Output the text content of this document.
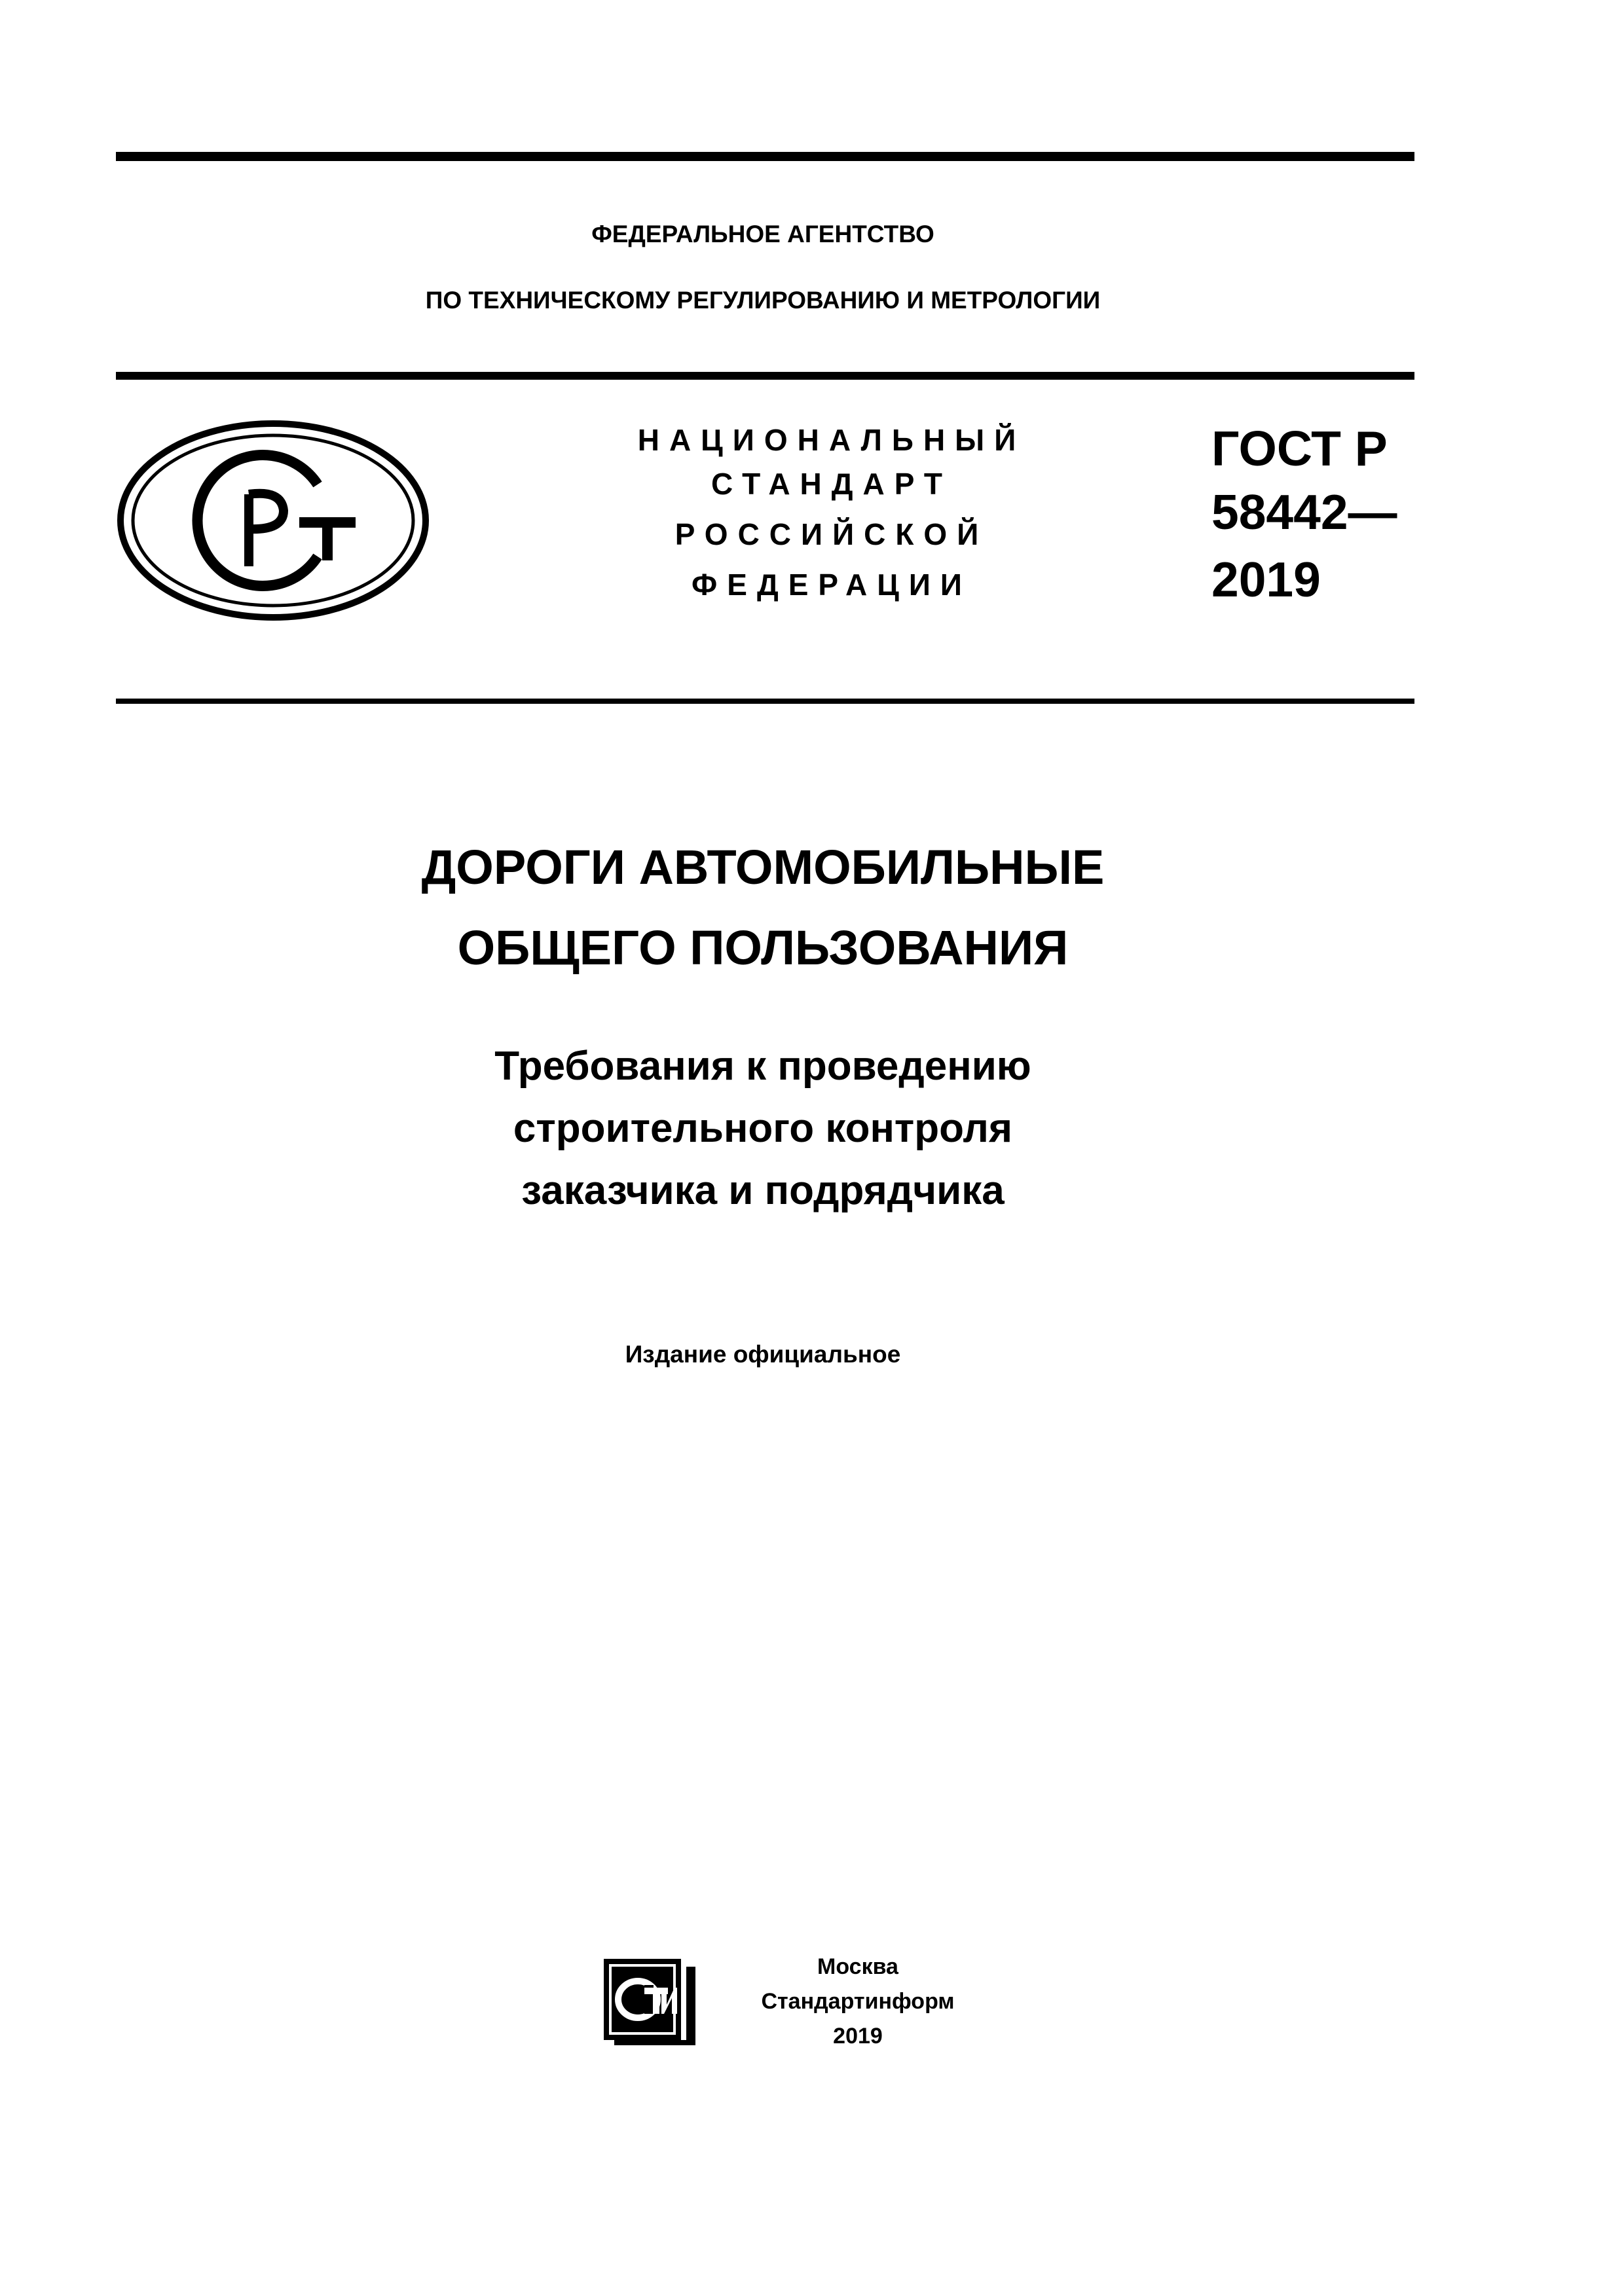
ФЕДЕРАЛЬНОЕ АГЕНТСТВО
ПО ТЕХНИЧЕСКОМУ РЕГУЛИРОВАНИЮ И МЕТРОЛОГИИ
НАЦИОНАЛЬНЫЙ
СТАНДАРТ
РОССИЙСКОЙ
ФЕДЕРАЦИИ
ГОСТ Р
58442—
2019
ДОРОГИ АВТОМОБИЛЬНЫЕ
ОБЩЕГО ПОЛЬЗОВАНИЯ
Требования к проведению
строительного контроля
заказчика и подрядчика
Издание официальное
Москва
Стандартинформ
2019
